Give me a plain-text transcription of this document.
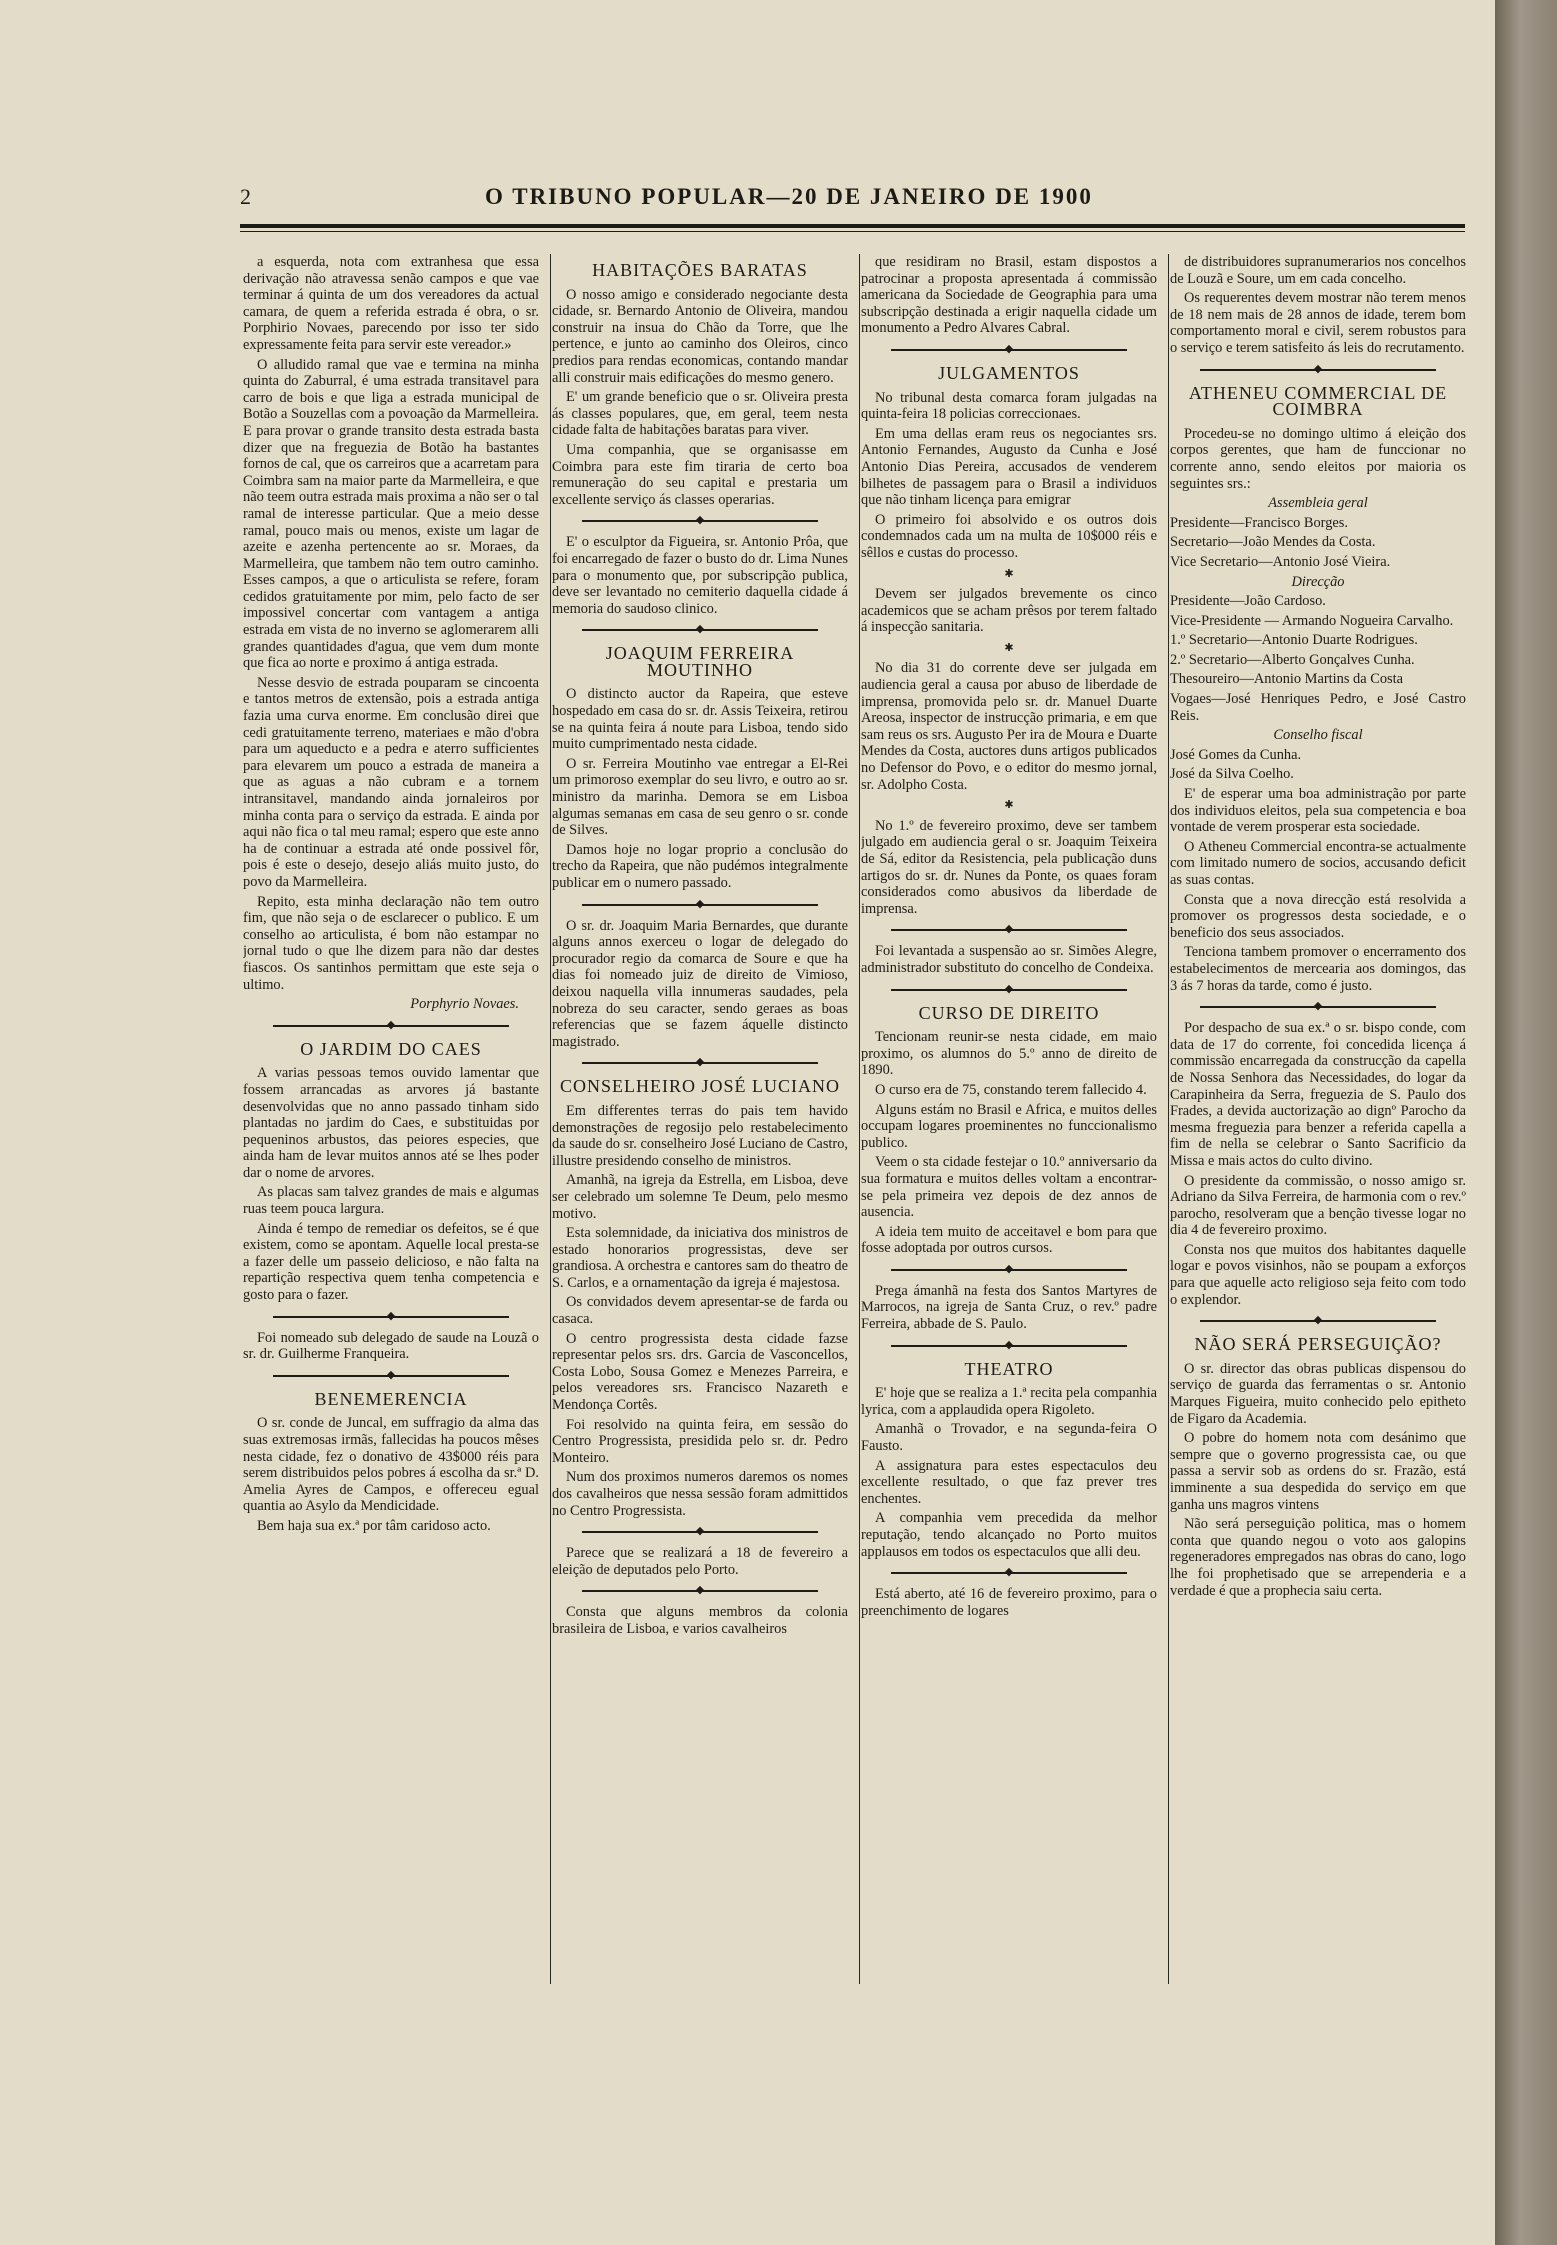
2	O TRIBUNO POPULAR—20 DE JANEIRO DE 1900

a esquerda, nota com extranhesa que essa derivação não atravessa senão campos e que vae terminar á quinta de um dos vereadores da actual camara, de quem a referida estrada é obra, o sr. Porphirio Novaes, parecendo por isso ter sido expressamente feita para servir este vereador.»

O alludido ramal que vae e termina na minha quinta do Zaburral, é uma estrada transitavel para carro de bois e que liga a estrada municipal de Botão a Souzellas com a povoação da Marmelleira. E para provar o grande transito desta estrada basta dizer que na freguezia de Botão ha bastantes fornos de cal, que os carreiros que a acarretam para Coimbra sam na maior parte da Marmelleira, e que não teem outra estrada mais proxima a não ser o tal ramal de interesse particular. Que a meio desse ramal, pouco mais ou menos, existe um lagar de azeite e azenha pertencente ao sr. Moraes, da Marmelleira, que tambem não tem outro caminho. Esses campos, a que o articulista se refere, foram cedidos gratuitamente por mim, pelo facto de ser impossivel concertar com vantagem a antiga estrada em vista de no inverno se aglomerarem alli grandes quantidades d'agua, que vem dum monte que fica ao norte e proximo á antiga estrada.

Nesse desvio de estrada pouparam se cincoenta e tantos metros de extensão, pois a estrada antiga fazia uma curva enorme. Em conclusão direi que cedi gratuitamente terreno, materiaes e mão d'obra para um aqueducto e a pedra e aterro sufficientes para elevarem um pouco a estrada de maneira a que as aguas a não cubram e a tornem intransitavel, mandando ainda jornaleiros por minha conta para o serviço da estrada. E ainda por aqui não fica o tal meu ramal; espero que este anno ha de continuar a estrada até onde possivel fôr, pois é este o desejo, desejo aliás muito justo, do povo da Marmelleira.

Repito, esta minha declaração não tem outro fim, que não seja o de esclarecer o publico. E um conselho ao articulista, é bom não estampar no jornal tudo o que lhe dizem para não dar destes fiascos. Os santinhos permittam que este seja o ultimo.

Porphyrio Novaes.

◆
O JARDIM DO CAES

A varias pessoas temos ouvido lamentar que fossem arrancadas as arvores já bastante desenvolvidas que no anno passado tinham sido plantadas no jardim do Caes, e substituidas por pequeninos arbustos, das peiores especies, que ainda ham de levar muitos annos até se lhes poder dar o nome de arvores.

As placas sam talvez grandes de mais e algumas ruas teem pouca largura.

Ainda é tempo de remediar os defeitos, se é que existem, como se apontam. Aquelle local presta-se a fazer delle um passeio delicioso, e não falta na repartição respectiva quem tenha competencia e gosto para o fazer.

◆

Foi nomeado sub delegado de saude na Louzã o sr. dr. Guilherme Franqueira.

◆
BENEMERENCIA

O sr. conde de Juncal, em suffragio da alma das suas extremosas irmãs, fallecidas ha poucos mêses nesta cidade, fez o donativo de 43$000 réis para serem distribuidos pelos pobres á escolha da sr.ª D. Amelia Ayres de Campos, e offereceu egual quantia ao Asylo da Mendicidade.

Bem haja sua ex.ª por tâm caridoso acto.

HABITAÇÕES BARATAS

O nosso amigo e considerado negociante desta cidade, sr. Bernardo Antonio de Oliveira, mandou construir na insua do Chão da Torre, que lhe pertence, e junto ao caminho dos Oleiros, cinco predios para rendas economicas, contando mandar alli construir mais edificações do mesmo genero.

E' um grande beneficio que o sr. Oliveira presta ás classes populares, que, em geral, teem nesta cidade falta de habitações baratas para viver.

Uma companhia, que se organisasse em Coimbra para este fim tiraria de certo boa remuneração do seu capital e prestaria um excellente serviço ás classes operarias.

◆

E' o esculptor da Figueira, sr. Antonio Prôa, que foi encarregado de fazer o busto do dr. Lima Nunes para o monumento que, por subscripção publica, deve ser levantado no cemiterio daquella cidade á memoria do saudoso clinico.

◆
JOAQUIM FERREIRA MOUTINHO

O distincto auctor da Rapeira, que esteve hospedado em casa do sr. dr. Assis Teixeira, retirou se na quinta feira á noute para Lisboa, tendo sido muito cumprimentado nesta cidade.

O sr. Ferreira Moutinho vae entregar a El-Rei um primoroso exemplar do seu livro, e outro ao sr. ministro da marinha. Demora se em Lisboa algumas semanas em casa de seu genro o sr. conde de Silves.

Damos hoje no logar proprio a conclusão do trecho da Rapeira, que não pudémos integralmente publicar em o numero passado.

◆

O sr. dr. Joaquim Maria Bernardes, que durante alguns annos exerceu o logar de delegado do procurador regio da comarca de Soure e que ha dias foi nomeado juiz de direito de Vimioso, deixou naquella villa innumeras saudades, pela nobreza do seu caracter, sendo geraes as boas referencias que se fazem áquelle distincto magistrado.

◆
CONSELHEIRO JOSÉ LUCIANO

Em differentes terras do pais tem havido demonstrações de regosijo pelo restabelecimento da saude do sr. conselheiro José Luciano de Castro, illustre presidendo conselho de ministros.

Amanhã, na igreja da Estrella, em Lisboa, deve ser celebrado um solemne Te Deum, pelo mesmo motivo.

Esta solemnidade, da iniciativa dos ministros de estado honorarios progressistas, deve ser grandiosa. A orchestra e cantores sam do theatro de S. Carlos, e a ornamentação da igreja é majestosa.

Os convidados devem apresentar-se de farda ou casaca.

O centro progressista desta cidade fazse representar pelos srs. drs. Garcia de Vasconcellos, Costa Lobo, Sousa Gomez e Menezes Parreira, e pelos vereadores srs. Francisco Nazareth e Mendonça Cortês.

Foi resolvido na quinta feira, em sessão do Centro Progressista, presidida pelo sr. dr. Pedro Monteiro.

Num dos proximos numeros daremos os nomes dos cavalheiros que nessa sessão foram admittidos no Centro Progressista.

◆

Parece que se realizará a 18 de fevereiro a eleição de deputados pelo Porto.

◆

Consta que alguns membros da colonia brasileira de Lisboa, e varios cavalheiros

que residiram no Brasil, estam dispostos a patrocinar a proposta apresentada á commissão americana da Sociedade de Geographia para uma subscripção destinada a erigir naquella cidade um monumento a Pedro Alvares Cabral.

◆
JULGAMENTOS

No tribunal desta comarca foram julgadas na quinta-feira 18 policias correccionaes.

Em uma dellas eram reus os negociantes srs. Antonio Fernandes, Augusto da Cunha e José Antonio Dias Pereira, accusados de venderem bilhetes de passagem para o Brasil a individuos que não tinham licença para emigrar

O primeiro foi absolvido e os outros dois condemnados cada um na multa de 10$000 réis e sêllos e custas do processo.

✱

Devem ser julgados brevemente os cinco academicos que se acham prêsos por terem faltado á inspecção sanitaria.

✱

No dia 31 do corrente deve ser julgada em audiencia geral a causa por abuso de liberdade de imprensa, promovida pelo sr. dr. Manuel Duarte Areosa, inspector de instrucção primaria, e em que sam reus os srs. Augusto Per ira de Moura e Duarte Mendes da Costa, auctores duns artigos publicados no Defensor do Povo, e o editor do mesmo jornal, sr. Adolpho Costa.

✱

No 1.º de fevereiro proximo, deve ser tambem julgado em audiencia geral o sr. Joaquim Teixeira de Sá, editor da Resistencia, pela publicação duns artigos do sr. dr. Nunes da Ponte, os quaes foram considerados como abusivos da liberdade de imprensa.

◆

Foi levantada a suspensão ao sr. Simões Alegre, administrador substituto do concelho de Condeixa.

◆
CURSO DE DIREITO

Tencionam reunir-se nesta cidade, em maio proximo, os alumnos do 5.º anno de direito de 1890.

O curso era de 75, constando terem fallecido 4.

Alguns estám no Brasil e Africa, e muitos delles occupam logares proeminentes no funccionalismo publico.

Veem o sta cidade festejar o 10.º anniversario da sua formatura e muitos delles voltam a encontrar-se pela primeira vez depois de dez annos de ausencia.

A ideia tem muito de acceitavel e bom para que fosse adoptada por outros cursos.

◆

Prega ámanhã na festa dos Santos Martyres de Marrocos, na igreja de Santa Cruz, o rev.º padre Ferreira, abbade de S. Paulo.

◆
THEATRO

E' hoje que se realiza a 1.ª recita pela companhia lyrica, com a applaudida opera Rigoleto.

Amanhã o Trovador, e na segunda-feira O Fausto.

A assignatura para estes espectaculos deu excellente resultado, o que faz prever tres enchentes.

A companhia vem precedida da melhor reputação, tendo alcançado no Porto muitos applausos em todos os espectaculos que alli deu.

◆

Está aberto, até 16 de fevereiro proximo, para o preenchimento de logares

de distribuidores supranumerarios nos concelhos de Louzã e Soure, um em cada concelho.

Os requerentes devem mostrar não terem menos de 18 nem mais de 28 annos de idade, terem bom comportamento moral e civil, serem robustos para o serviço e terem satisfeito ás leis do recrutamento.

◆
ATHENEU COMMERCIAL DE COIMBRA

Procedeu-se no domingo ultimo á eleição dos corpos gerentes, que ham de funccionar no corrente anno, sendo eleitos por maioria os seguintes srs.:

Assembleia geral

Presidente—Francisco Borges.

Secretario—João Mendes da Costa.

Vice Secretario—Antonio José Vieira.

Direcção

Presidente—João Cardoso.

Vice-Presidente — Armando Nogueira Carvalho.

1.º Secretario—Antonio Duarte Rodrigues.

2.º Secretario—Alberto Gonçalves Cunha.

Thesoureiro—Antonio Martins da Costa

Vogaes—José Henriques Pedro, e José Castro Reis.

Conselho fiscal

José Gomes da Cunha.

José da Silva Coelho.

E' de esperar uma boa administração por parte dos individuos eleitos, pela sua competencia e boa vontade de verem prosperar esta sociedade.

O Atheneu Commercial encontra-se actualmente com limitado numero de socios, accusando deficit as suas contas.

Consta que a nova direcção está resolvida a promover os progressos desta sociedade, e o beneficio dos seus associados.

Tenciona tambem promover o encerramento dos estabelecimentos de mercearia aos domingos, das 3 ás 7 horas da tarde, como é justo.

◆

Por despacho de sua ex.ª o sr. bispo conde, com data de 17 do corrente, foi concedida licença á commissão encarregada da construcção da capella de Nossa Senhora das Necessidades, do logar da Carapinheira da Serra, freguezia de S. Paulo dos Frades, a devida auctorização ao dignº Parocho da mesma freguezia para benzer a referida capella a fim de nella se celebrar o Santo Sacrificio da Missa e mais actos do culto divino.

O presidente da commissão, o nosso amigo sr. Adriano da Silva Ferreira, de harmonia com o rev.º parocho, resolveram que a benção tivesse logar no dia 4 de fevereiro proximo.

Consta nos que muitos dos habitantes daquelle logar e povos visinhos, não se poupam a exforços para que aquelle acto religioso seja feito com todo o explendor.

◆
NÃO SERÁ PERSEGUIÇÃO?

O sr. director das obras publicas dispensou do serviço de guarda das ferramentas o sr. Antonio Marques Figueira, muito conhecido pelo epitheto de Figaro da Academia.

O pobre do homem nota com desánimo que sempre que o governo progressista cae, ou que passa a servir sob as ordens do sr. Frazão, está imminente a sua despedida do serviço em que ganha uns magros vintens

Não será perseguição politica, mas o homem conta que quando negou o voto aos galopins regeneradores empregados nas obras do cano, logo lhe foi prophetisado que se arrependeria e a verdade é que a prophecia saiu certa.
